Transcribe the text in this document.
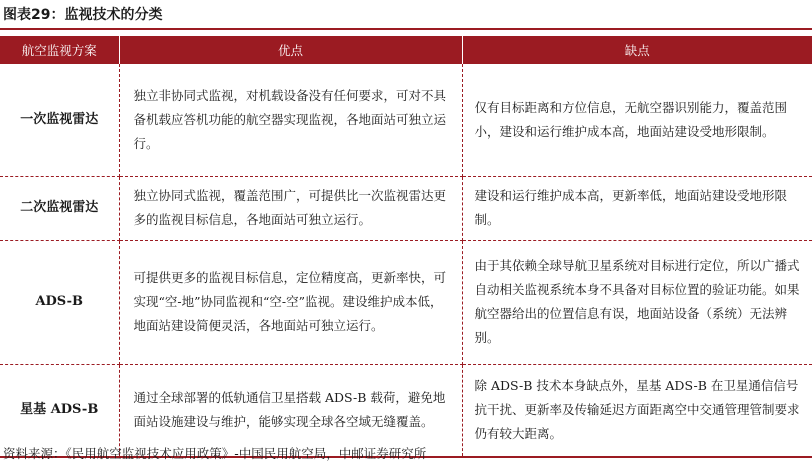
图表29：监视技术的分类
航空监视方案	优点	缺点
一次监视雷达	独立非协同式监视，对机载设备没有任何要求，可对不具备机载应答机功能的航空器实现监视，各地面站可独立运行。	仅有目标距离和方位信息，无航空器识别能力，覆盖范围小，建设和运行维护成本高，地面站建设受地形限制。
二次监视雷达	独立协同式监视，覆盖范围广，可提供比一次监视雷达更多的监视目标信息，各地面站可独立运行。	建设和运行维护成本高，更新率低，地面站建设受地形限制。
ADS-B	可提供更多的监视目标信息，定位精度高，更新率快，可实现“空-地”协同监视和“空-空”监视。建设维护成本低，地面站建设简便灵活，各地面站可独立运行。	由于其依赖全球导航卫星系统对目标进行定位，所以广播式自动相关监视系统本身不具备对目标位置的验证功能。如果航空器给出的位置信息有误，地面站设备（系统）无法辨别。
星基 ADS-B	通过全球部署的低轨通信卫星搭载 ADS-B 载荷，避免地面站设施建设与维护，能够实现全球各空域无缝覆盖。	除 ADS-B 技术本身缺点外，星基 ADS-B 在卫星通信信号抗干扰、更新率及传输延迟方面距离空中交通管理管制要求仍有较大距离。
资料来源：《民用航空监视技术应用政策》-中国民用航空局，中邮证券研究所
